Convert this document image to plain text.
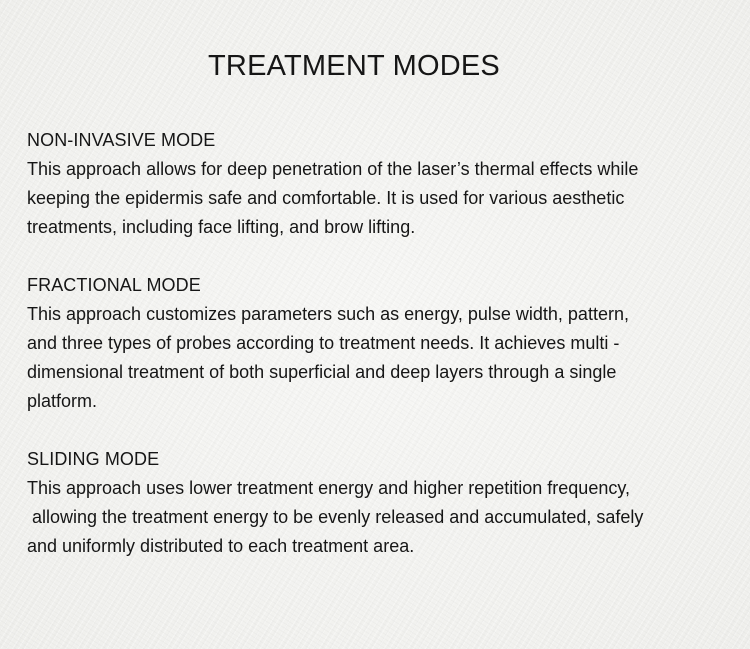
TREATMENT MODES
NON-INVASIVE MODE

This approach allows for deep penetration of the laser’s thermal effects while

keeping the epidermis safe and comfortable. It is used for various aesthetic

treatments, including face lifting, and brow lifting.

FRACTIONAL MODE

This approach customizes parameters such as energy, pulse width, pattern,

and three types of probes according to treatment needs. It achieves multi -

dimensional treatment of both superficial and deep layers through a single

platform.

SLIDING MODE

This approach uses lower treatment energy and higher repetition frequency,

allowing the treatment energy to be evenly released and accumulated, safely

and uniformly distributed to each treatment area.
